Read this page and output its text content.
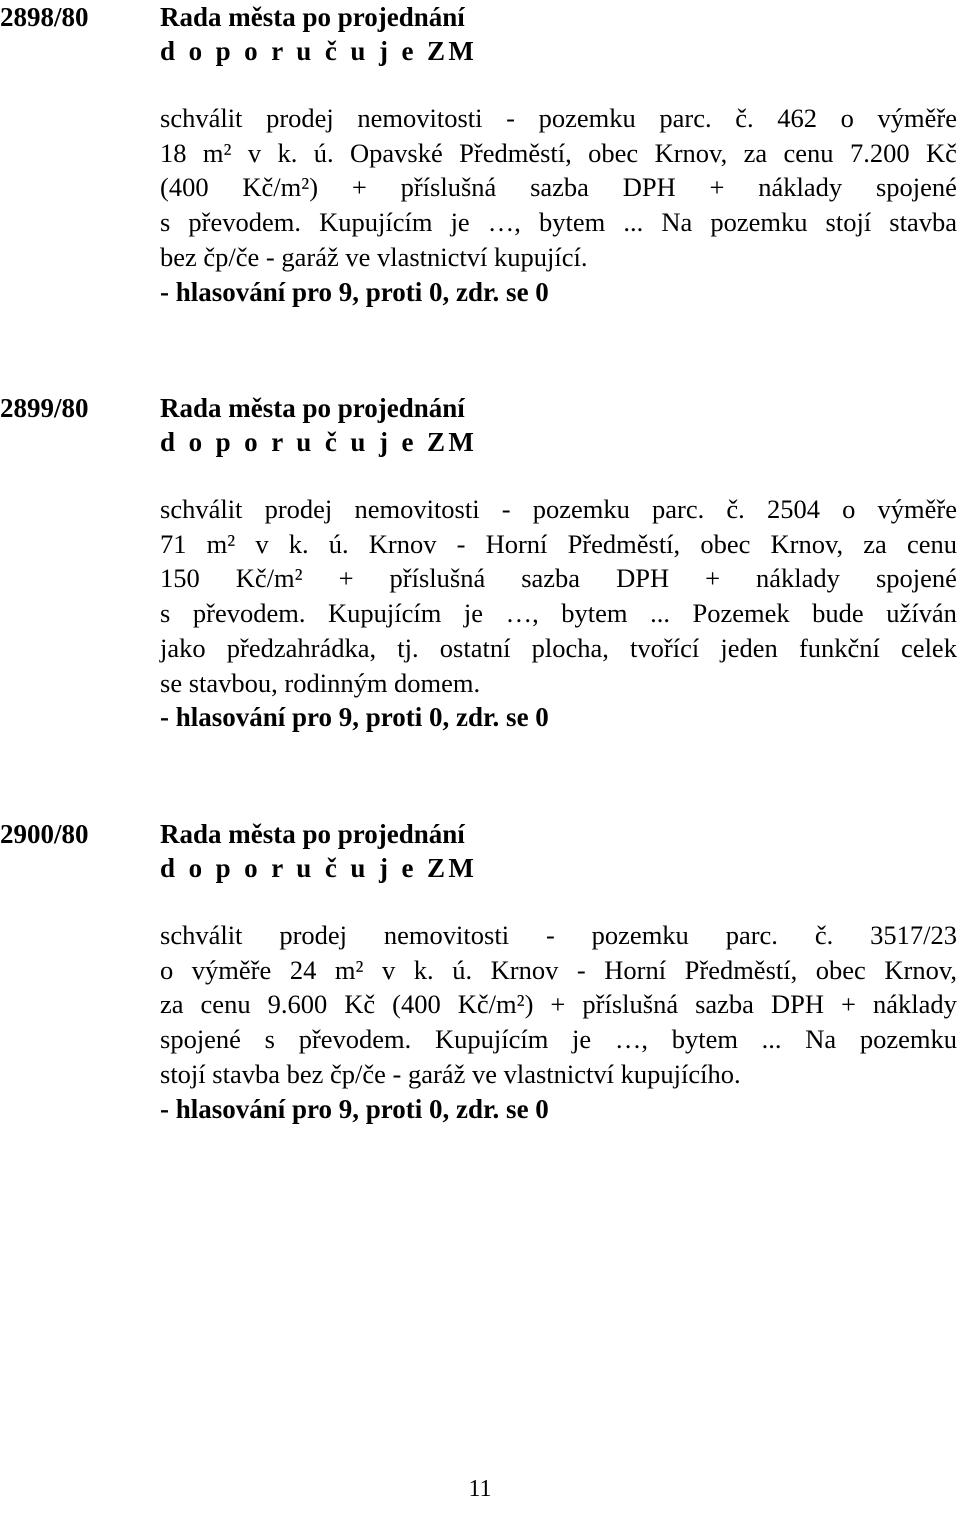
2898/80	Rada města po projednání
d o p o r u č u j e ZM
schválit prodej nemovitosti - pozemku parc. č. 462 o výměře
18 m² v k. ú. Opavské Předměstí, obec Krnov, za cenu 7.200 Kč
(400 Kč/m²) + příslušná sazba DPH + náklady spojené
s převodem. Kupujícím je …, bytem ... Na pozemku stojí stavba
bez čp/če - garáž ve vlastnictví kupující.
- hlasování pro 9, proti 0, zdr. se 0
2899/80	Rada města po projednání
d o p o r u č u j e ZM
schválit prodej nemovitosti - pozemku parc. č. 2504 o výměře
71 m² v k. ú. Krnov - Horní Předměstí, obec Krnov, za cenu
150 Kč/m² + příslušná sazba DPH + náklady spojené
s převodem. Kupujícím je …, bytem ... Pozemek bude užíván
jako předzahrádka, tj. ostatní plocha, tvořící jeden funkční celek
se stavbou, rodinným domem.
- hlasování pro 9, proti 0, zdr. se 0
2900/80	Rada města po projednání
d o p o r u č u j e ZM
schválit prodej nemovitosti - pozemku parc. č. 3517/23
o výměře 24 m² v k. ú. Krnov - Horní Předměstí, obec Krnov,
za cenu 9.600 Kč (400 Kč/m²) + příslušná sazba DPH + náklady
spojené s převodem. Kupujícím je …, bytem ... Na pozemku
stojí stavba bez čp/če - garáž ve vlastnictví kupujícího.
- hlasování pro 9, proti 0, zdr. se 0
11
